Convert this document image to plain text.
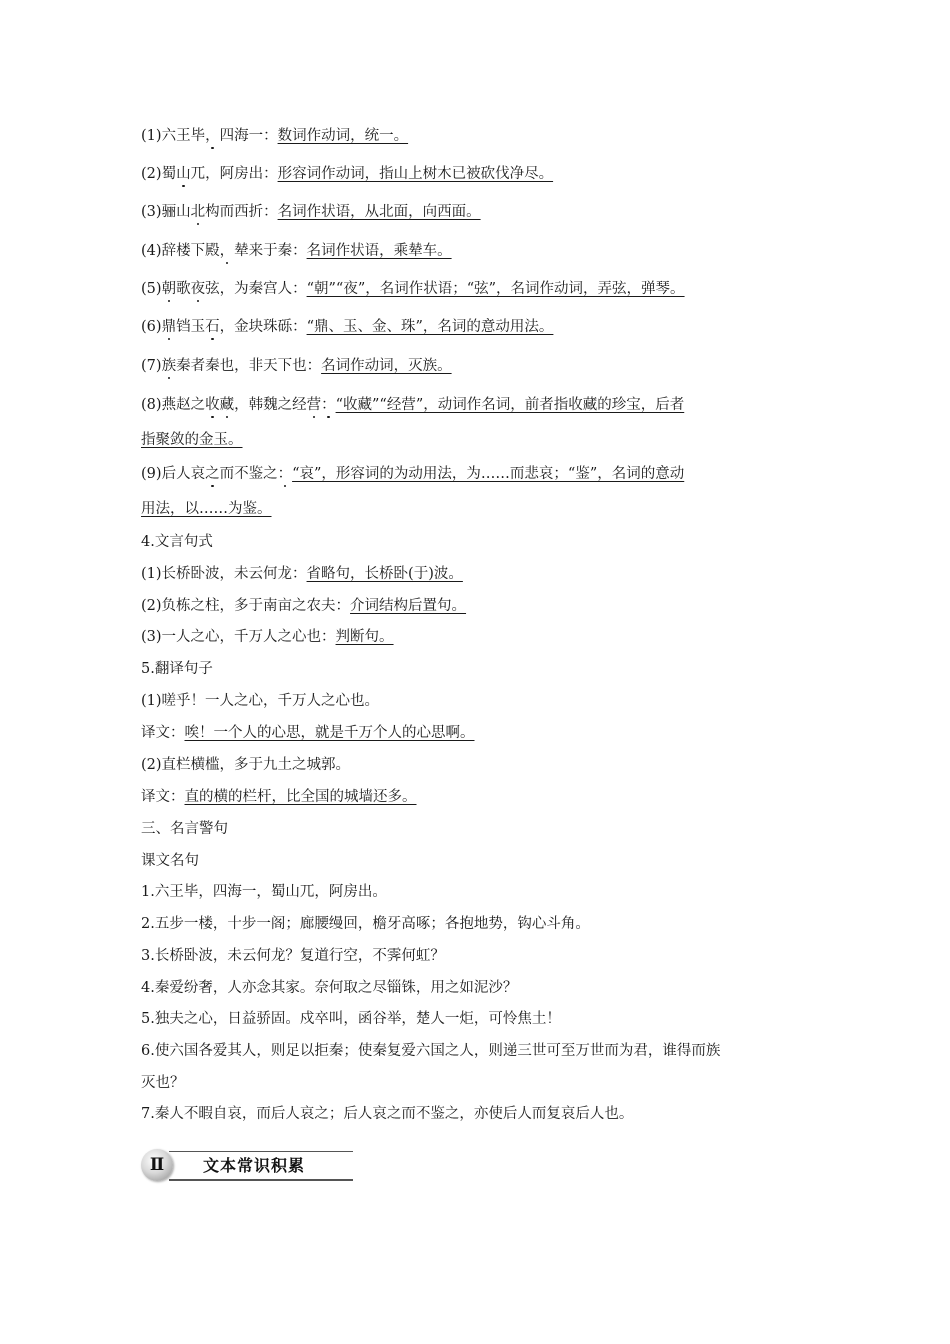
(1)六王毕，四海一：数词作动词，统一。
(2)蜀山兀，阿房出：形容词作动词，指山上树木已被砍伐净尽。
(3)骊山北构而西折：名词作状语，从北面，向西面。
(4)辞楼下殿，辇来于秦：名词作状语，乘辇车。
(5)朝歌夜弦，为秦宫人：“朝”“夜”，名词作状语；“弦”，名词作动词，弄弦，弹琴。
(6)鼎铛玉石，金块珠砾：“鼎、玉、金、珠”，名词的意动用法。
(7)族秦者秦也，非天下也：名词作动词，灭族。
(8)燕赵之收藏，韩魏之经营：“收藏”“经营”，动词作名词，前者指收藏的珍宝，后者
指聚敛的金玉。
(9)后人哀之而不鉴之：“哀”，形容词的为动用法，为……而悲哀；“鉴”，名词的意动
用法，以……为鉴。
4.文言句式
(1)长桥卧波，未云何龙：省略句，长桥卧(于)波。
(2)负栋之柱，多于南亩之农夫：介词结构后置句。
(3)一人之心，千万人之心也：判断句。
5.翻译句子
(1)嗟乎！一人之心，千万人之心也。
译文：唉！一个人的心思，就是千万个人的心思啊。
(2)直栏横槛，多于九土之城郭。
译文：直的横的栏杆，比全国的城墙还多。
三、名言警句
课文名句
1.六王毕，四海一，蜀山兀，阿房出。
2.五步一楼，十步一阁；廊腰缦回，檐牙高啄；各抱地势，钩心斗角。
3.长桥卧波，未云何龙？复道行空，不霁何虹？
4.秦爱纷奢，人亦念其家。奈何取之尽锱铢，用之如泥沙？
5.独夫之心，日益骄固。戍卒叫，函谷举，楚人一炬，可怜焦土！
6.使六国各爱其人，则足以拒秦；使秦复爱六国之人，则递三世可至万世而为君，谁得而族
灭也？
7.秦人不暇自哀，而后人哀之；后人哀之而不鉴之，亦使后人而复哀后人也。
Ⅱ	文本常识积累
